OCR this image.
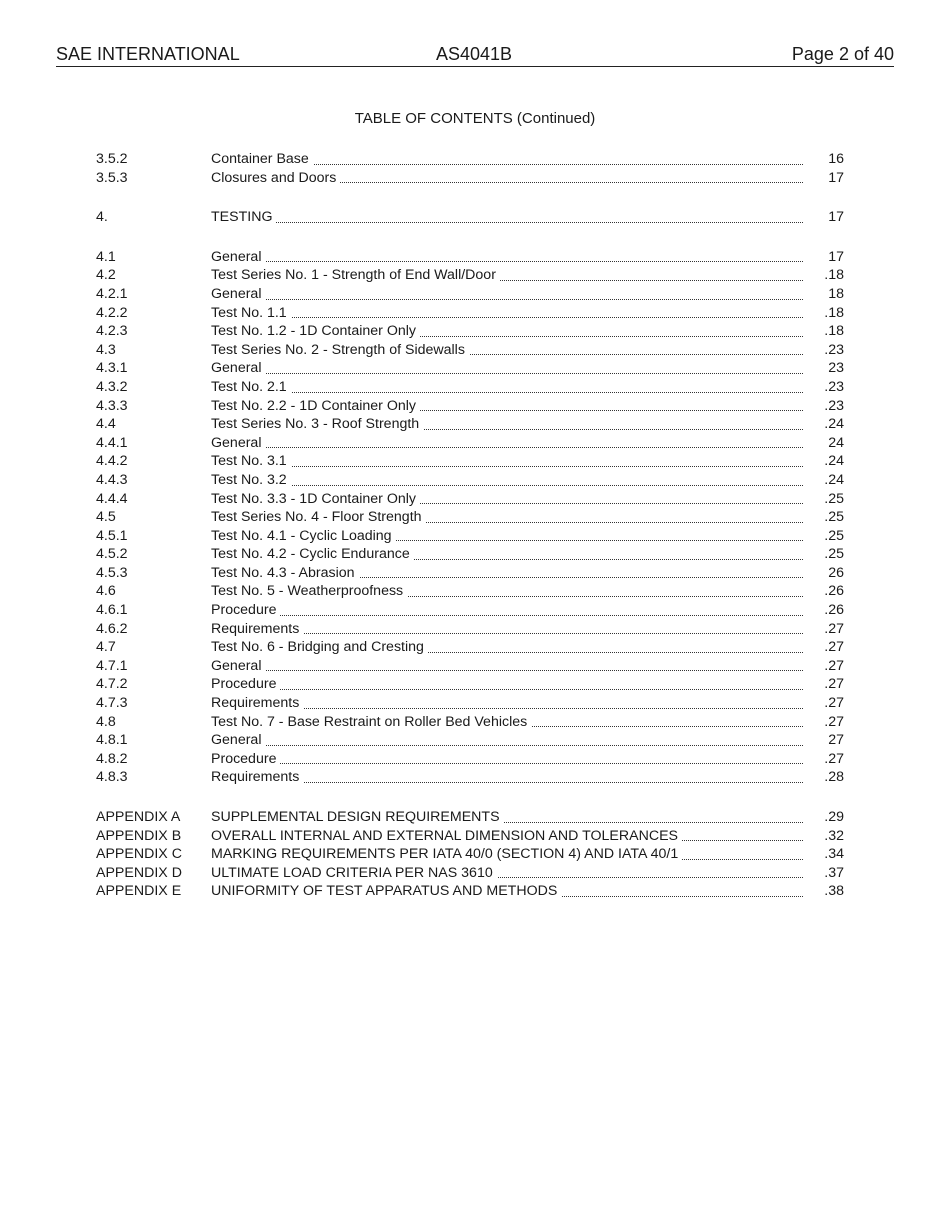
SAE INTERNATIONAL	AS4041B	Page 2 of 40
TABLE OF CONTENTS (Continued)
3.5.2	Container Base	16
3.5.3	Closures and Doors	17
4.	TESTING	17
4.1	General	17
4.2	Test Series No. 1 - Strength of End Wall/Door	.18
4.2.1	General	18
4.2.2	Test No. 1.1	.18
4.2.3	Test No. 1.2 - 1D Container Only	.18
4.3	Test Series No. 2 - Strength of Sidewalls	.23
4.3.1	General	23
4.3.2	Test No. 2.1	.23
4.3.3	Test No. 2.2 - 1D Container Only	.23
4.4	Test Series No. 3 - Roof Strength	.24
4.4.1	General	24
4.4.2	Test No. 3.1	.24
4.4.3	Test No. 3.2	.24
4.4.4	Test No. 3.3 - 1D Container Only	.25
4.5	Test Series No. 4 - Floor Strength	.25
4.5.1	Test No. 4.1 - Cyclic Loading	.25
4.5.2	Test No. 4.2 - Cyclic Endurance	.25
4.5.3	Test No. 4.3 - Abrasion	26
4.6	Test No. 5 - Weatherproofness	.26
4.6.1	Procedure	.26
4.6.2	Requirements	.27
4.7	Test No. 6 - Bridging and Cresting	.27
4.7.1	General	.27
4.7.2	Procedure	.27
4.7.3	Requirements	.27
4.8	Test No. 7 - Base Restraint on Roller Bed Vehicles	.27
4.8.1	General	27
4.8.2	Procedure	.27
4.8.3	Requirements	.28
APPENDIX A SUPPLEMENTAL DESIGN REQUIREMENTS	.29
APPENDIX B OVERALL INTERNAL AND EXTERNAL DIMENSION AND TOLERANCES	.32
APPENDIX C MARKING REQUIREMENTS PER IATA 40/0 (SECTION 4) AND IATA 40/1	.34
APPENDIX D ULTIMATE LOAD CRITERIA PER NAS 3610	.37
APPENDIX E UNIFORMITY OF TEST APPARATUS AND METHODS	.38
